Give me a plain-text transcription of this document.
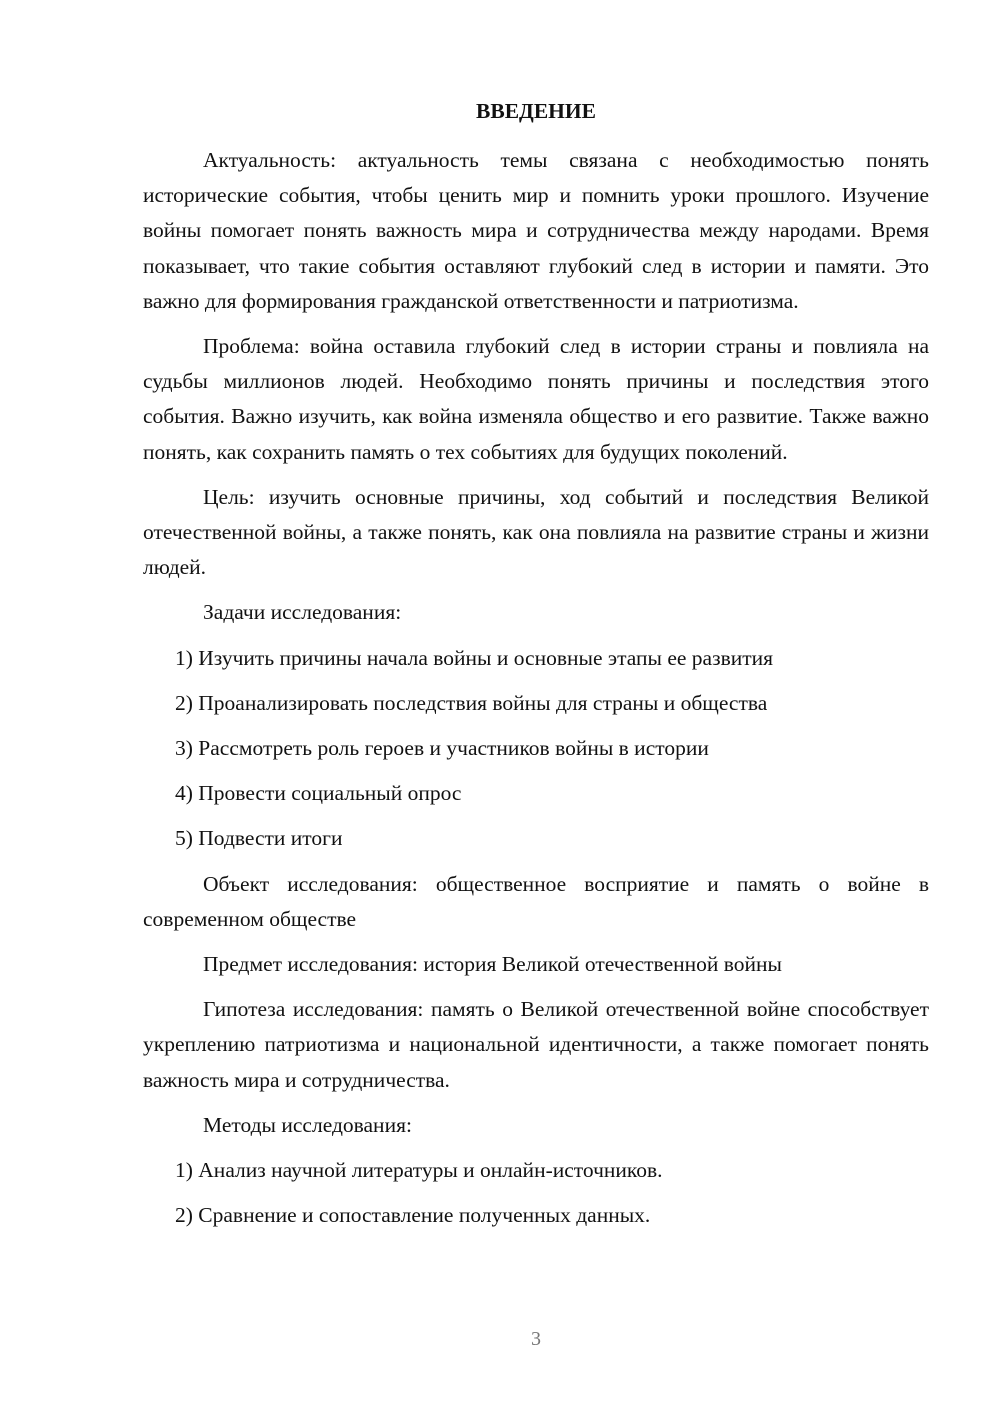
ВВЕДЕНИЕ

Актуальность: актуальность темы связана с необходимостью понять исторические события, чтобы ценить мир и помнить уроки прошлого. Изучение войны помогает понять важность мира и сотрудничества между народами. Время показывает, что такие события оставляют глубокий след в истории и памяти. Это важно для формирования гражданской ответственности и патриотизма.

Проблема: война оставила глубокий след в истории страны и повлияла на судьбы миллионов людей. Необходимо понять причины и последствия этого события. Важно изучить, как война изменяла общество и его развитие. Также важно понять, как сохранить память о тех событиях для будущих поколений.

Цель: изучить основные причины, ход событий и последствия Великой отечественной войны, а также понять, как она повлияла на развитие страны и жизни людей.

Задачи исследования:

1) Изучить причины начала войны и основные этапы ее развития
2) Проанализировать последствия войны для страны и общества
3) Рассмотреть роль героев и участников войны в истории
4) Провести социальный опрос
5) Подвести итоги

Объект исследования: общественное восприятие и память о войне в современном обществе

Предмет исследования: история Великой отечественной войны

Гипотеза исследования: память о Великой отечественной войне способствует укреплению патриотизма и национальной идентичности, а также помогает понять важность мира и сотрудничества.

Методы исследования:

1) Анализ научной литературы и онлайн-источников.
2) Сравнение и сопоставление полученных данных.
3
